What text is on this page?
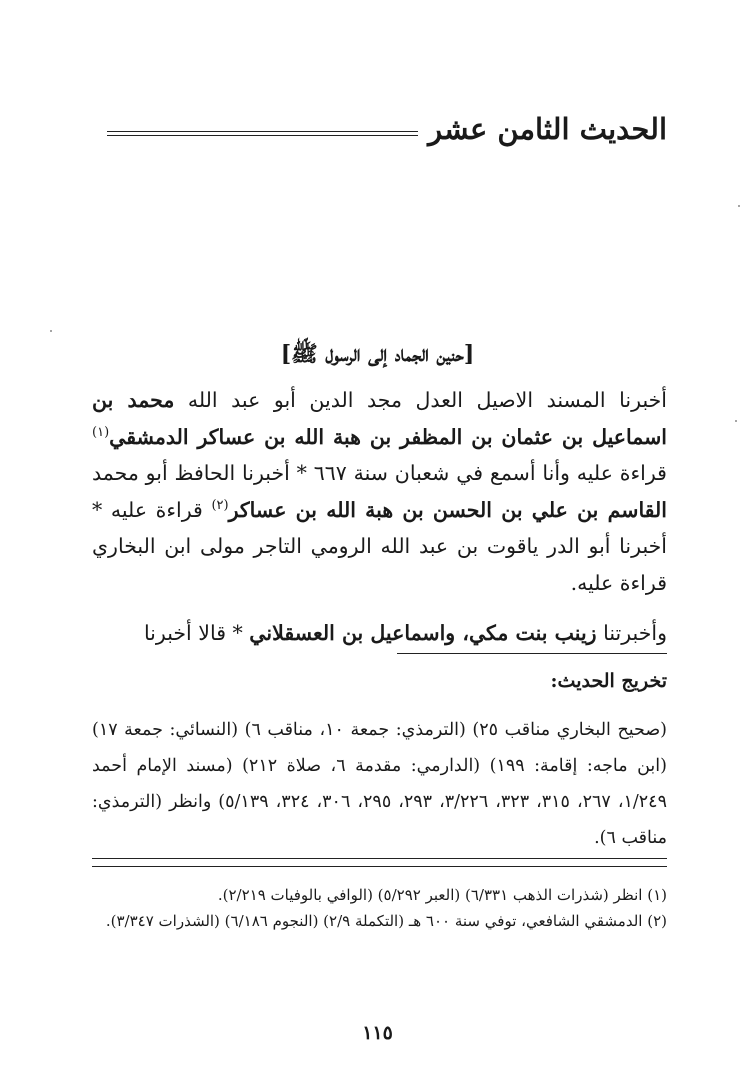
الحديث الثامن عشر
[حنين الجماد إلى الرسول ﷺ]

أخبرنا المسند الاصيل العدل مجد الدين أبو عبد الله محمد بن اسماعيل بن عثمان بن المظفر بن هبة الله بن عساكر الدمشقي$^{(١)}$ قراءة عليه وأنا أسمع في شعبان سنة ٦٦٧ * أخبرنا الحافظ أبو محمد القاسم بن علي بن الحسن بن هبة الله بن عساكر$^{(٢)}$ قراءة عليه * أخبرنا أبو الدر ياقوت بن عبد الله الرومي التاجر مولى ابن البخاري قراءة عليه.

وأخبرتنا زينب بنت مكي، واسماعيل بن العسقلاني * قالا أخبرنا

تخريج الحديث:

(صحيح البخاري مناقب ٢٥) (الترمذي: جمعة ١٠، مناقب ٦) (النسائي: جمعة ١٧) (ابن ماجه: إقامة: ١٩٩) (الدارمي: مقدمة ٦، صلاة ٢١٢) (مسند الإمام أحمد ١/٢٤٩، ٢٦٧، ٣١٥، ٣٢٣، ٣/٢٢٦، ٢٩٣، ٢٩٥، ٣٠٦، ٣٢٤، ٥/١٣٩) وانظر (الترمذي: مناقب ٦).

(١) انظر (شذرات الذهب ٦/٣٣١) (العبر ٥/٢٩٢) (الوافي بالوفيات ٢/٢١٩).

(٢) الدمشقي الشافعي، توفي سنة ٦٠٠ هـ (التكملة ٢/٩) (النجوم ٦/١٨٦) (الشذرات ٣/٣٤٧).

١١٥
